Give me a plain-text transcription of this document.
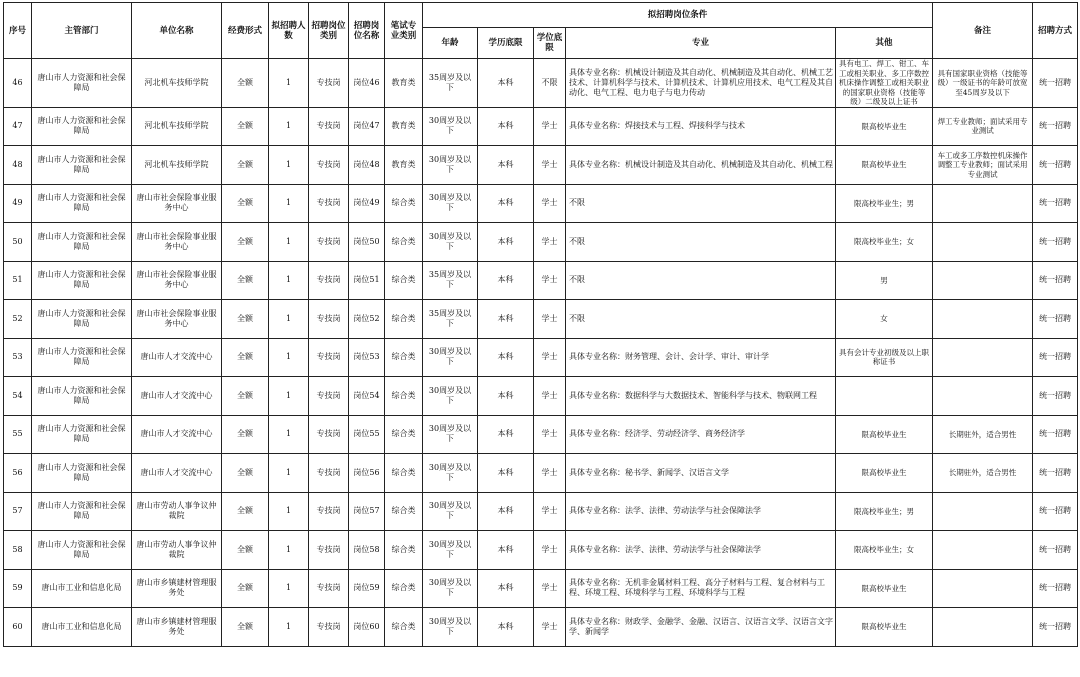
序号	主管部门	单位名称	经费形式	拟招聘人数	招聘岗位类别	招聘岗位名称	笔试专业类别	拟招聘岗位条件					备注	招聘方式
								年龄	学历底限	学位底限	专业	其他		
46	唐山市人力资源和社会保障局	河北机车技师学院	全额	1	专技岗	岗位46	教育类	35周岁及以下	本科	不限	具体专业名称：机械设计制造及其自动化、机械制造及其自动化、机械工艺技术、计算机科学与技术、计算机技术、计算机应用技术、电气工程及其自动化、电气工程、电力电子与电力传动	具有电工、焊工、钳工、车工或相关职业、多工序数控机床操作调整工或相关职业的国家职业资格（技能等级）二级及以上证书	具有国家职业资格（技能等级）一级证书的年龄可放宽至45周岁及以下	统一招聘
47	唐山市人力资源和社会保障局	河北机车技师学院	全额	1	专技岗	岗位47	教育类	30周岁及以下	本科	学士	具体专业名称：焊接技术与工程、焊接科学与技术	限高校毕业生	焊工专业教师；面试采用专业测试	统一招聘
48	唐山市人力资源和社会保障局	河北机车技师学院	全额	1	专技岗	岗位48	教育类	30周岁及以下	本科	学士	具体专业名称：机械设计制造及其自动化、机械制造及其自动化、机械工程	限高校毕业生	车工或多工序数控机床操作调整工专业教师；面试采用专业测试	统一招聘
49	唐山市人力资源和社会保障局	唐山市社会保险事业服务中心	全额	1	专技岗	岗位49	综合类	30周岁及以下	本科	学士	不限	限高校毕业生；男		统一招聘
50	唐山市人力资源和社会保障局	唐山市社会保险事业服务中心	全额	1	专技岗	岗位50	综合类	30周岁及以下	本科	学士	不限	限高校毕业生；女		统一招聘
51	唐山市人力资源和社会保障局	唐山市社会保险事业服务中心	全额	1	专技岗	岗位51	综合类	35周岁及以下	本科	学士	不限	男		统一招聘
52	唐山市人力资源和社会保障局	唐山市社会保险事业服务中心	全额	1	专技岗	岗位52	综合类	35周岁及以下	本科	学士	不限	女		统一招聘
53	唐山市人力资源和社会保障局	唐山市人才交流中心	全额	1	专技岗	岗位53	综合类	30周岁及以下	本科	学士	具体专业名称：财务管理、会计、会计学、审计、审计学	具有会计专业初级及以上职称证书		统一招聘
54	唐山市人力资源和社会保障局	唐山市人才交流中心	全额	1	专技岗	岗位54	综合类	30周岁及以下	本科	学士	具体专业名称：数据科学与大数据技术、智能科学与技术、物联网工程			统一招聘
55	唐山市人力资源和社会保障局	唐山市人才交流中心	全额	1	专技岗	岗位55	综合类	30周岁及以下	本科	学士	具体专业名称：经济学、劳动经济学、商务经济学	限高校毕业生	长期驻外，适合男性	统一招聘
56	唐山市人力资源和社会保障局	唐山市人才交流中心	全额	1	专技岗	岗位56	综合类	30周岁及以下	本科	学士	具体专业名称：秘书学、新闻学、汉语言文学	限高校毕业生	长期驻外，适合男性	统一招聘
57	唐山市人力资源和社会保障局	唐山市劳动人事争议仲裁院	全额	1	专技岗	岗位57	综合类	30周岁及以下	本科	学士	具体专业名称：法学、法律、劳动法学与社会保障法学	限高校毕业生；男		统一招聘
58	唐山市人力资源和社会保障局	唐山市劳动人事争议仲裁院	全额	1	专技岗	岗位58	综合类	30周岁及以下	本科	学士	具体专业名称：法学、法律、劳动法学与社会保障法学	限高校毕业生；女		统一招聘
59	唐山市工业和信息化局	唐山市乡镇建材管理服务处	全额	1	专技岗	岗位59	综合类	30周岁及以下	本科	学士	具体专业名称：无机非金属材料工程、高分子材料与工程、复合材料与工程、环境工程、环境科学与工程、环境科学与工程	限高校毕业生		统一招聘
60	唐山市工业和信息化局	唐山市乡镇建材管理服务处	全额	1	专技岗	岗位60	综合类	30周岁及以下	本科	学士	具体专业名称：财政学、金融学、金融、汉语言、汉语言文学、汉语言文字学、新闻学	限高校毕业生		统一招聘
